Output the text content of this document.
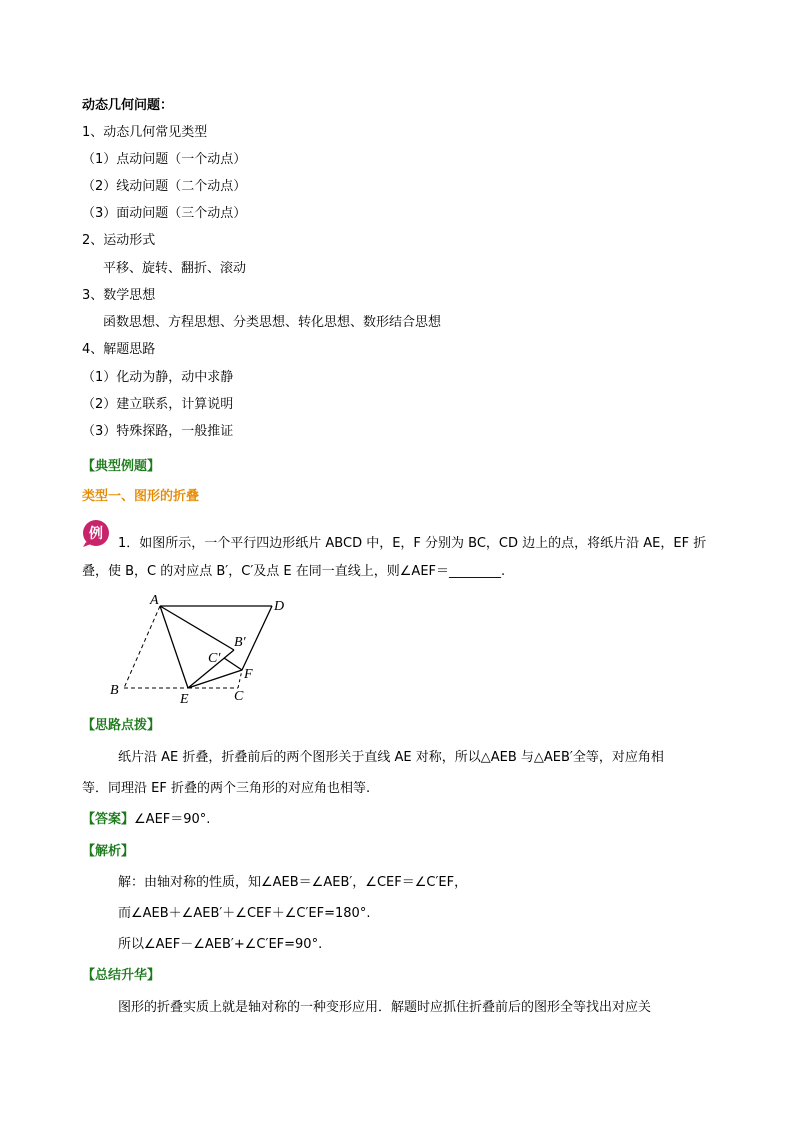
动态几何问题：
1、动态几何常见类型
（1）点动问题（一个动点）
（2）线动问题（二个动点）
（3）面动问题（三个动点）
2、运动形式
平移、旋转、翻折、滚动
3、数学思想
函数思想、方程思想、分类思想、转化思想、数形结合思想
4、解题思路
（1）化动为静，动中求静
（2）建立联系，计算说明
（3）特殊探路，一般推证
【典型例题】
类型一、图形的折叠
例
1．如图所示，一个平行四边形纸片 ABCD 中，E，F 分别为 BC，CD 边上的点，将纸片沿 AE，EF 折
叠，使 B，C 的对应点 B′，C′及点 E 在同一直线上，则∠AEF＝________.
A	D
B′
C′
F
B
E	C
【思路点拨】
纸片沿 AE 折叠，折叠前后的两个图形关于直线 AE 对称，所以△AEB 与△AEB′全等，对应角相
等．同理沿 EF 折叠的两个三角形的对应角也相等.
【答案】∠AEF＝90°.
【解析】
解：由轴对称的性质，知∠AEB＝∠AEB′，∠CEF＝∠C′EF，
而∠AEB＋∠AEB′＋∠CEF＋∠C′EF=180°.
所以∠AEF－∠AEB′+∠C′EF=90°.
【总结升华】
图形的折叠实质上就是轴对称的一种变形应用．解题时应抓住折叠前后的图形全等找出对应关
